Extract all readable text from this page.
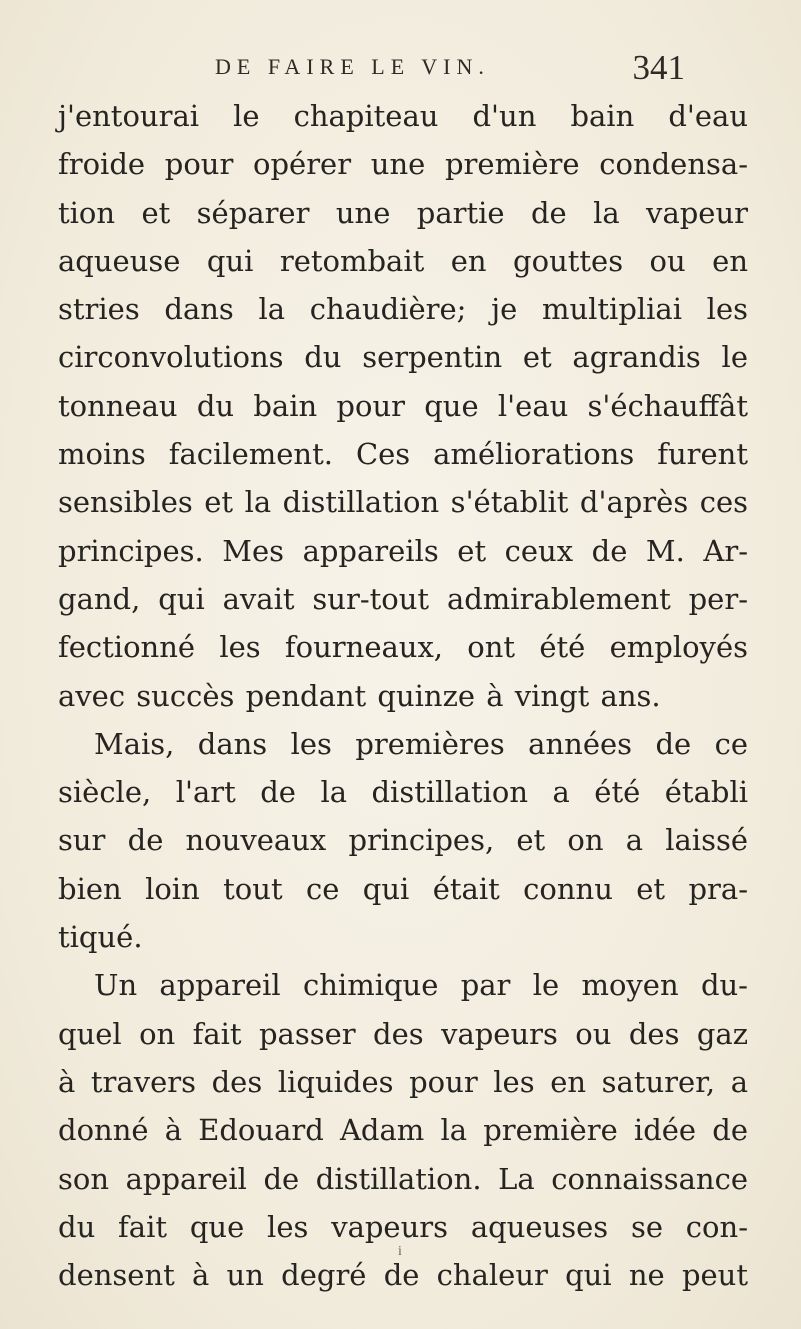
DE FAIRE LE VIN.	341
j'entourai le chapiteau d'un bain d'eau
froide pour opérer une première condensa-
tion et séparer une partie de la vapeur
aqueuse qui retombait en gouttes ou en
stries dans la chaudière; je multipliai les
circonvolutions du serpentin et agrandis le
tonneau du bain pour que l'eau s'échauffât
moins facilement. Ces améliorations furent
sensibles et la distillation s'établit d'après ces
principes. Mes appareils et ceux de M. Ar-
gand, qui avait sur-tout admirablement per-
fectionné les fourneaux, ont été employés
avec succès pendant quinze à vingt ans.
Mais, dans les premières années de ce
siècle, l'art de la distillation a été établi
sur de nouveaux principes, et on a laissé
bien loin tout ce qui était connu et pra-
tiqué.
Un appareil chimique par le moyen du-
quel on fait passer des vapeurs ou des gaz
à travers des liquides pour les en saturer, a
donné à Edouard Adam la première idée de
son appareil de distillation. La connaissance
du fait que les vapeurs aqueuses se con-
densent à un degré de chaleur qui ne peut
i
